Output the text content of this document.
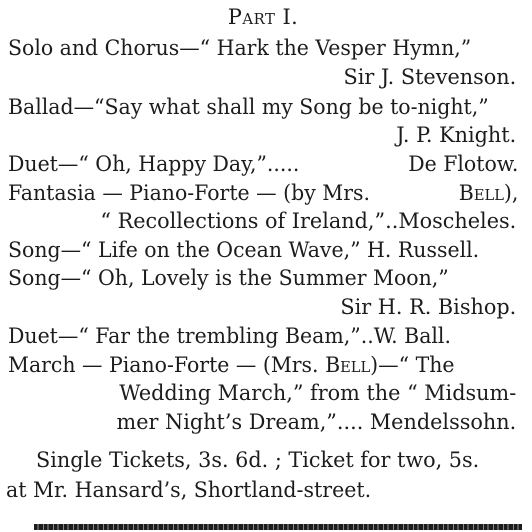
Part I.
Solo and Chorus—“ Hark the Vesper Hymn,”
Sir J. Stevenson.
Ballad—“Say what shall my Song be to-night,”
J. P. Knight.
Duet—“ Oh, Happy Day,”.....	De Flotow.
Fantasia — Piano-Forte — (by Mrs.	Bell),
“ Recollections of Ireland,”..Moscheles.
Song—“ Life on the Ocean Wave,” H. Russell.
Song—“ Oh, Lovely is the Summer Moon,”
Sir H. R. Bishop.
Duet—“ Far the trembling Beam,”..W. Ball.
March — Piano-Forte — (Mrs. Bell)—“ The
Wedding March,” from the “ Midsum-
mer Night’s Dream,”.... Mendelssohn.
Single Tickets, 3s. 6d. ; Ticket for two, 5s.
at Mr. Hansard’s, Shortland-street.
